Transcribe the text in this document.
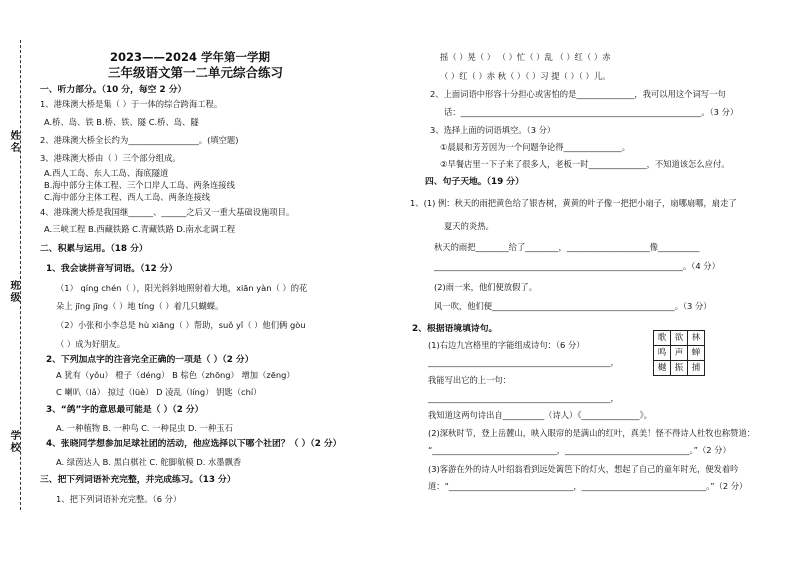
姓名
班级
学校
2023——2024 学年第一学期
三年级语文第一二单元综合练习
一、听力部分。（10 分，每空 2 分）
1、港珠澳大桥是集（ ）于一体的综合跨海工程。
A.桥、岛、铁 B.桥、铁、隧 C.桥、岛、隧
2、港珠澳大桥全长约为_________________。(填空题)
3、港珠澳大桥由（ ）三个部分组成。
A.西人工岛、东人工岛、海底隧道
B.海中部分主体工程、三个口岸人工岛、两条连接线
C.海中部分主体工程、西人工岛、两条连接线
4、港珠澳大桥是我国继______、______之后又一重大基础设施项目。
A.三峡工程 B.西藏铁路 C.青藏铁路 D.南水北调工程
二、积累与运用。（18 分）
1、我会读拼音写词语。（12 分）
（1） qíng chén（ ），阳光斜斜地照射着大地，xiān yàn（ ）的花
朵上 jīng jīng（ ）地 tíng（ ）着几只蝴蝶。
（2）小张和小李总是 hù xiāng（ ）帮助，suǒ yǐ（ ）他们俩 gòu
（ ）成为好朋友。
2、下列加点字的注音完全正确的一项是（ ）（2 分）
A 犹有（yǒu） 橙子（déng） B 棕色（zhōng） 增加（zēng）
C 喇叭（lǎ） 掠过（lüè） D 凌乱（líng） 钥匙（chí）
3、“鸽”字的意思最可能是（ ）（2 分）
A. 一种植物 B. 一种鸟 C. 一种昆虫 D. 一种玉石
4、张晓同学想参加足球社团的活动，他应选择以下哪个社团？（ ）（2 分）
A. 绿茵达人 B. 黑白棋社 C. 舵脚航模 D. 水墨飘香
三、把下列词语补充完整，并完成练习。（13 分）
1、把下列词语补充完整。（6 分）
摇（ ）晃（ ） （ ）忙（ ）乱 （ ）红（ ）赤
（ ）红（ ）赤 秋（ ）（ ）习 提（ ）（ ）儿。
2、上面词语中形容十分担心或害怕的是______________，我可以用这个词写一句
话：__________________________________________________________。（3 分）
3、选择上面的词语填空。（3 分）
①晨晨和芳芳因为一个问题争论得______________。
②早餐店里一下子来了很多人，老板一时______________，不知道该怎么应付。
四、句子天地。（19 分）
1、(1) 例：秋天的雨把黄色给了银杏树，黄黄的叶子像一把把小扇子，扇哪扇哪，扇走了
夏天的炎热。
秋天的雨把________给了________，____________________像__________
____________________________________________________________。（4 分）
(2)雨一来，他们便放假了。
风一吹，他们便____________________________________________。（3 分）
2、根据语境填诗句。
(1)右边九宫格里的字能组成诗句：（6 分）
____________________________________________，
我能写出它的上一句：
____________________________________________，
我知道这两句诗出自__________（诗人）《______________》。
(2)深秋时节，登上岳麓山，映入眼帘的是满山的红叶，真美！怪不得诗人杜牧也称赞道：
“______________________________，______________________________。”（2 分）
(3)客游在外的诗人叶绍翁看到远处篱笆下的灯火，想起了自己的童年时光，便发着吟
道：“______________________________，______________________________。”（2 分）
歌	欲	林
鸣	声	蝉
樾	振	捕
